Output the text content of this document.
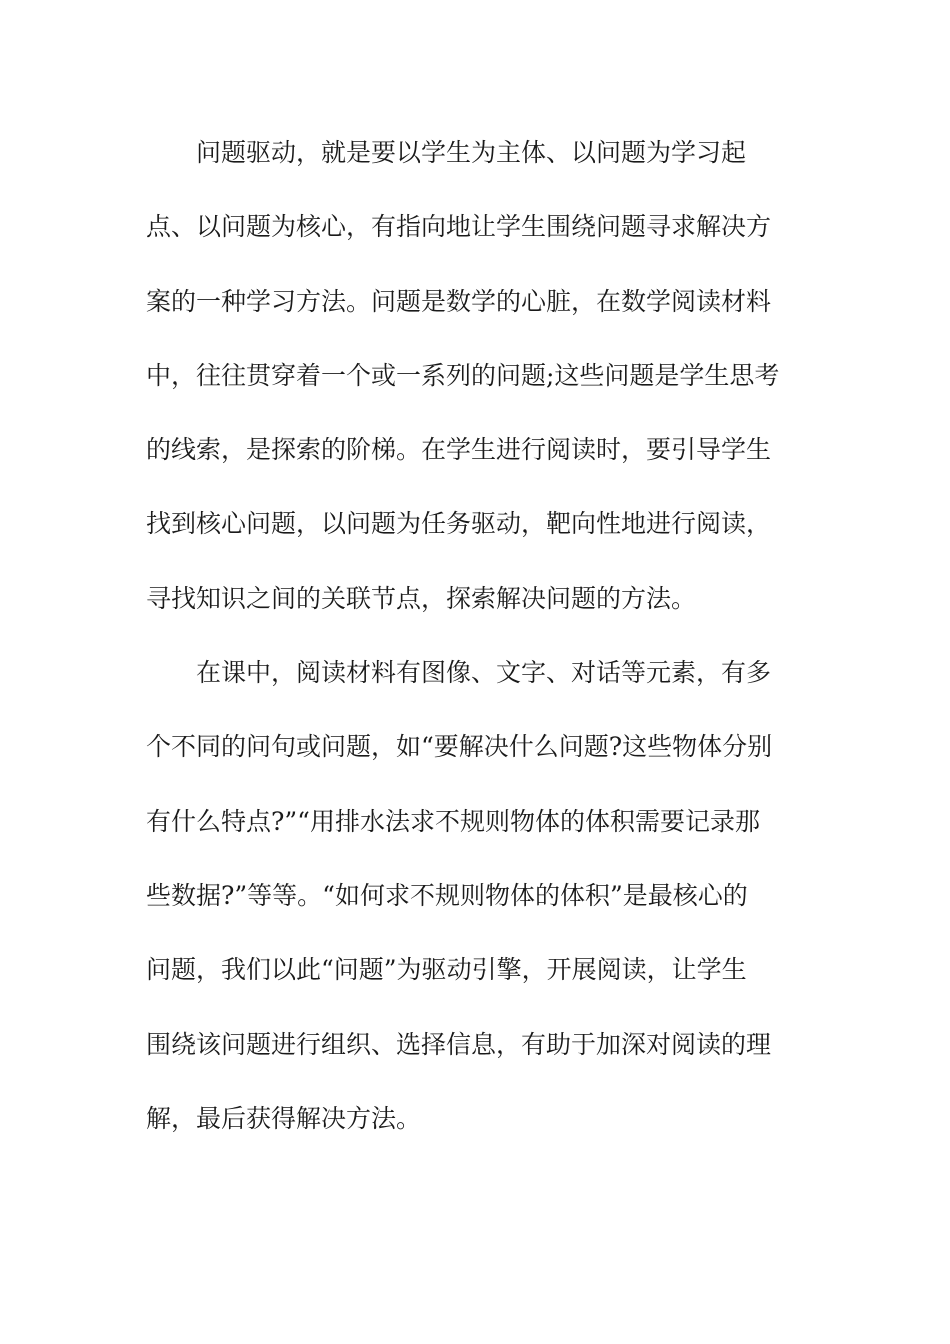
问题驱动，就是要以学生为主体、以问题为学习起
点、以问题为核心，有指向地让学生围绕问题寻求解决方
案的一种学习方法。问题是数学的心脏，在数学阅读材料
中，往往贯穿着一个或一系列的问题;这些问题是学生思考
的线索，是探索的阶梯。在学生进行阅读时，要引导学生
找到核心问题，以问题为任务驱动，靶向性地进行阅读，
寻找知识之间的关联节点，探索解决问题的方法。
在课中，阅读材料有图像、文字、对话等元素，有多
个不同的问句或问题，如“要解决什么问题?这些物体分别
有什么特点?”“用排水法求不规则物体的体积需要记录那
些数据?”等等。“如何求不规则物体的体积”是最核心的
问题，我们以此“问题”为驱动引擎，开展阅读，让学生
围绕该问题进行组织、选择信息，有助于加深对阅读的理
解，最后获得解决方法。
